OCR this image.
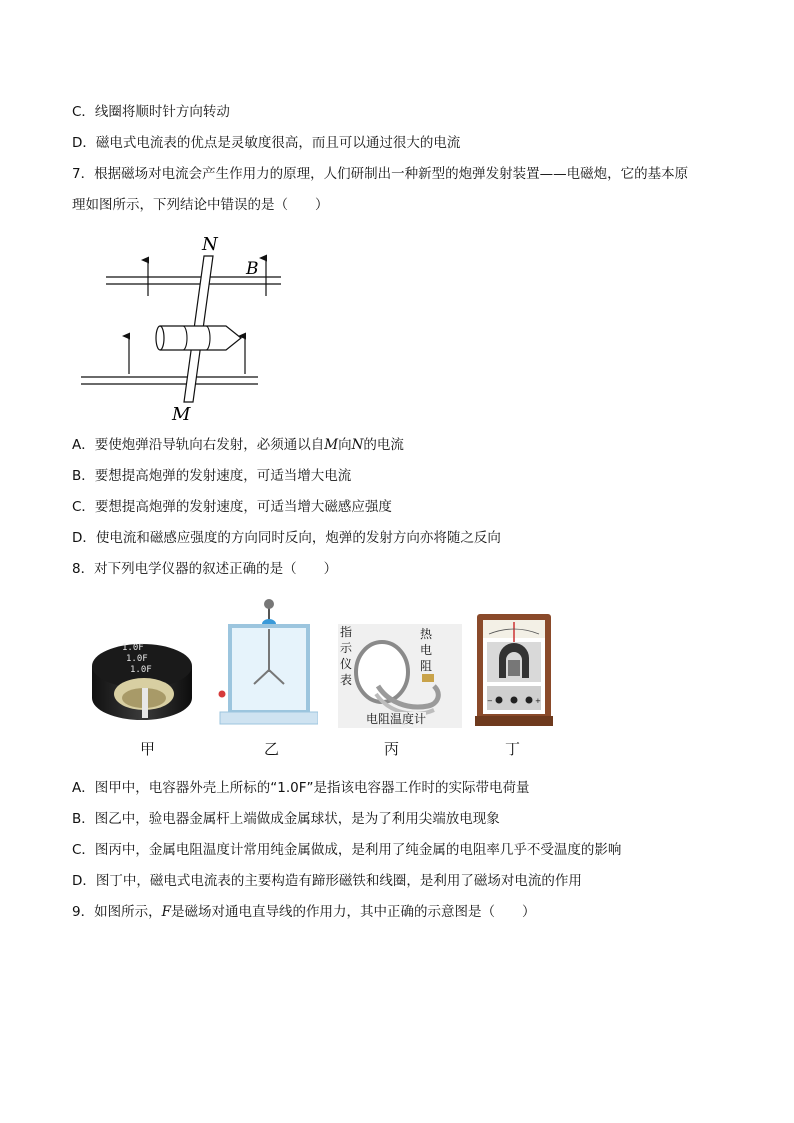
C．线圈将顺时针方向转动
D．磁电式电流表的优点是灵敏度很高，而且可以通过很大的电流
7．根据磁场对电流会产生作用力的原理，人们研制出一种新型的炮弹发射装置——电磁炮，它的基本原
理如图所示，下列结论中错误的是（　　）
N
B
M
A．要使炮弹沿导轨向右发射，必须通以自M向N的电流
B．要想提高炮弹的发射速度，可适当增大电流
C．要想提高炮弹的发射速度，可适当增大磁感应强度
D．使电流和磁感应强度的方向同时反向，炮弹的发射方向亦将随之反向
8．对下列电学仪器的叙述正确的是（　　）
1.0F
1.0F
1.0F
指示仪表
热电阻
电阻温度计
−	+
甲	乙	丙	丁
A．图甲中，电容器外壳上所标的“1.0F”是指该电容器工作时的实际带电荷量
B．图乙中，验电器金属杆上端做成金属球状，是为了利用尖端放电现象
C．图丙中，金属电阻温度计常用纯金属做成，是利用了纯金属的电阻率几乎不受温度的影响
D．图丁中，磁电式电流表的主要构造有蹄形磁铁和线圈，是利用了磁场对电流的作用
9．如图所示，F是磁场对通电直导线的作用力，其中正确的示意图是（　　）
